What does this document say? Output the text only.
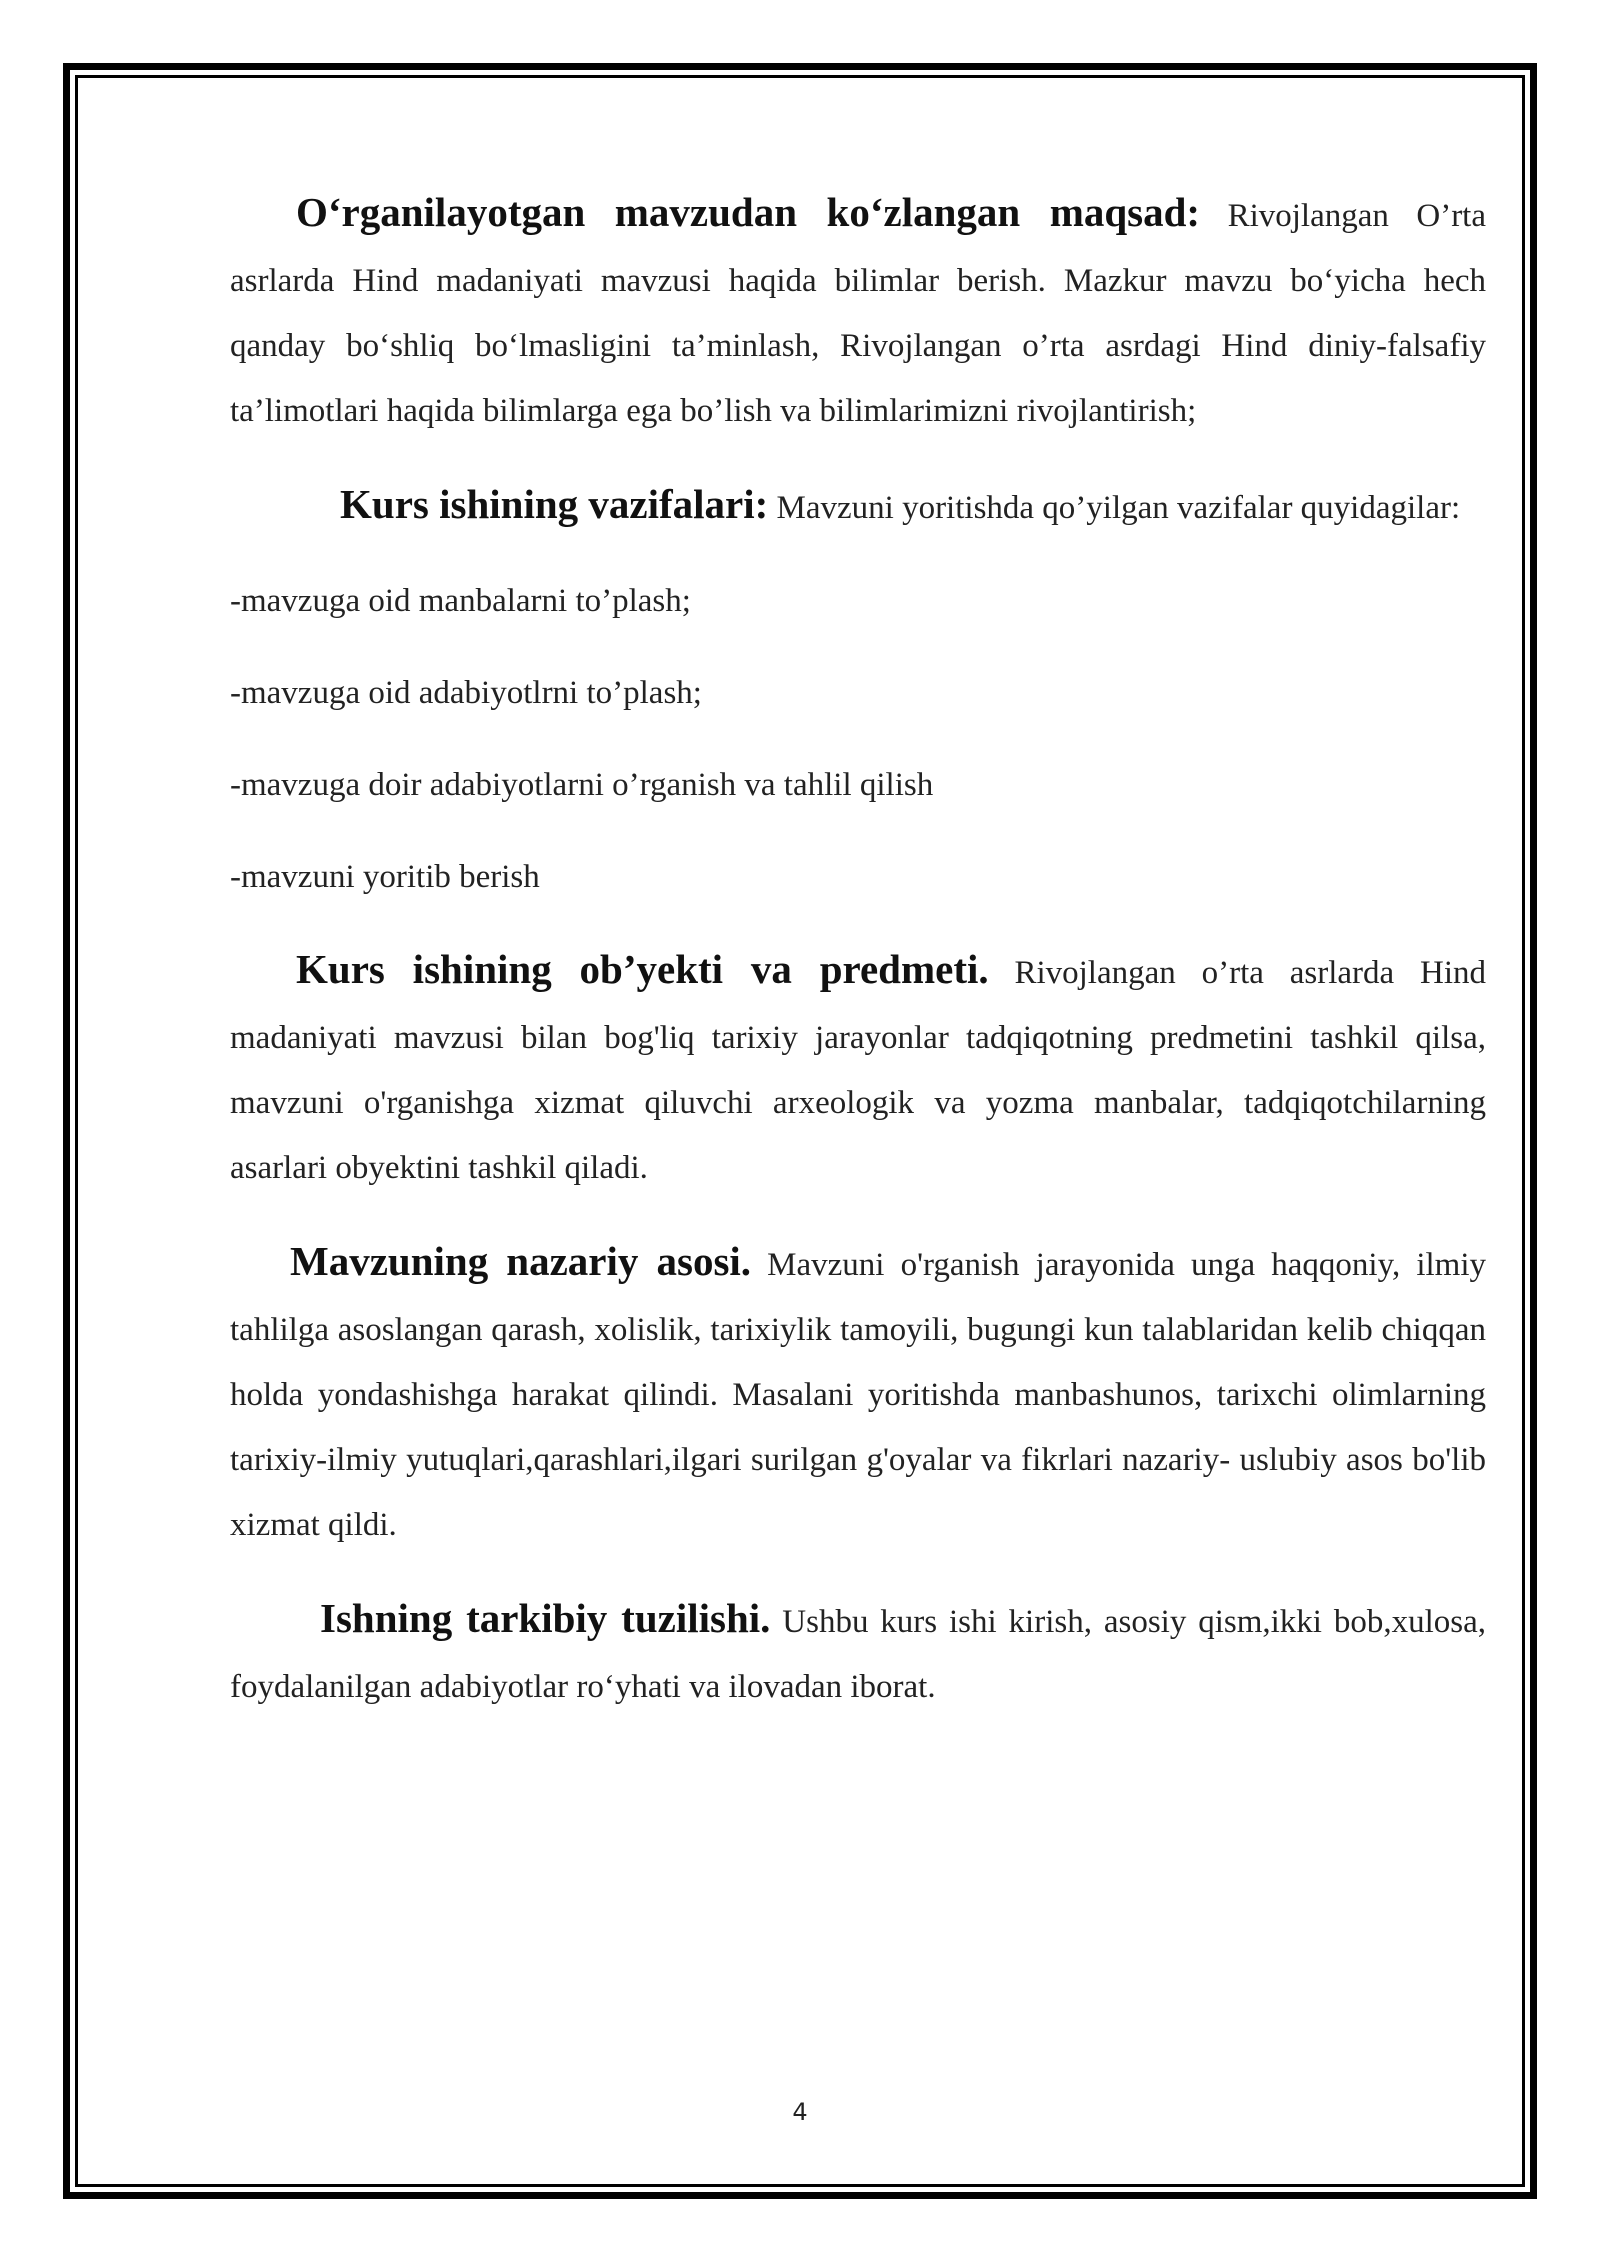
O‘rganilayotgan mavzudan ko‘zlangan maqsad: Rivojlangan O’rta asrlarda Hind madaniyati mavzusi haqida bilimlar berish. Mazkur mavzu bo‘yicha hech qanday bo‘shliq bo‘lmasligini ta’minlash, Rivojlangan o’rta asrdagi Hind diniy-falsafiy ta’limotlari haqida bilimlarga ega bo’lish va bilimlarimizni rivojlantirish;

Kurs ishining vazifalari: Mavzuni yoritishda qo’yilgan vazifalar quyidagilar:

-mavzuga oid manbalarni to’plash;

-mavzuga oid adabiyotlrni to’plash;

-mavzuga doir adabiyotlarni o’rganish va tahlil qilish

-mavzuni yoritib berish

Kurs ishining ob’yekti va predmeti. Rivojlangan o’rta asrlarda Hind madaniyati mavzusi bilan bog'liq tarixiy jarayonlar tadqiqotning predmetini tashkil qilsa, mavzuni o'rganishga xizmat qiluvchi arxeologik va yozma manbalar, tadqiqotchilarning asarlari obyektini tashkil qiladi.

Mavzuning nazariy asosi. Mavzuni o'rganish jarayonida unga haqqoniy, ilmiy tahlilga asoslangan qarash, xolislik, tarixiylik tamoyili, bugungi kun talablaridan kelib chiqqan holda yondashishga harakat qilindi. Masalani yoritishda manbashunos, tarixchi olimlarning tarixiy-ilmiy yutuqlari,qarashlari,ilgari surilgan g'oyalar va fikrlari nazariy- uslubiy asos bo'lib xizmat qildi.

Ishning tarkibiy tuzilishi. Ushbu kurs ishi kirish, asosiy qism,ikki bob,xulosa, foydalanilgan adabiyotlar ro‘yhati va ilovadan iborat.

4
